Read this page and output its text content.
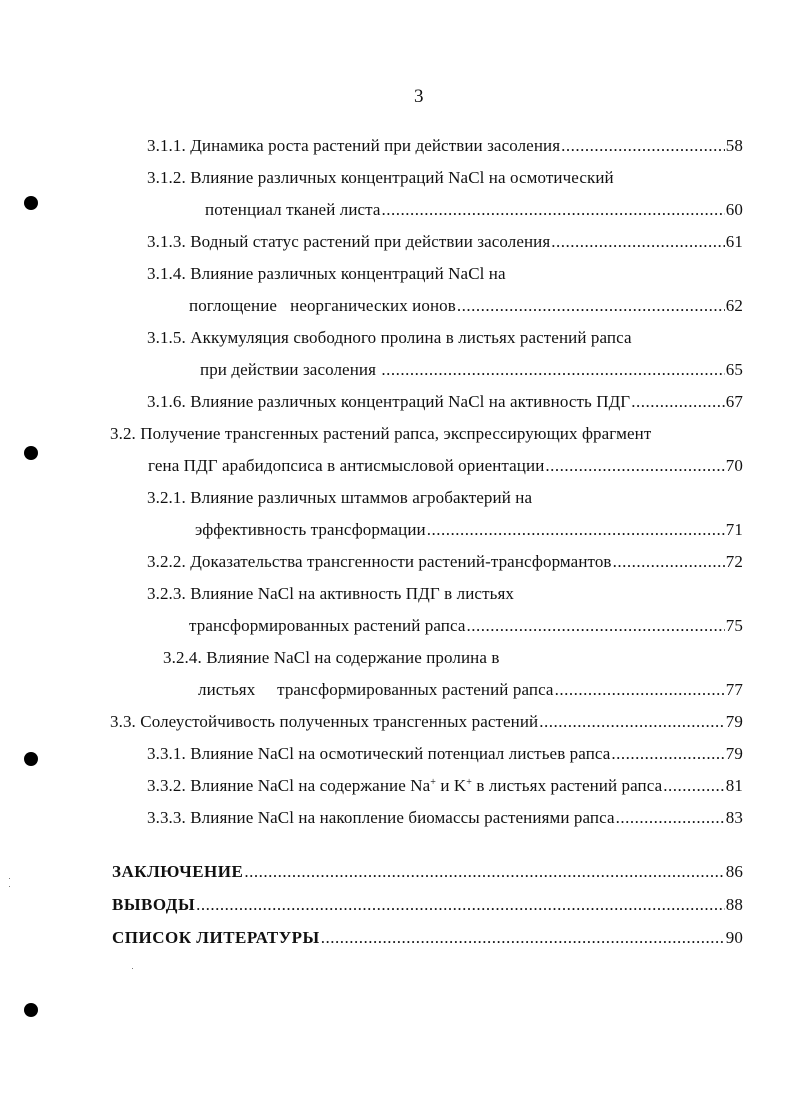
3
3.1.1. Динамика роста растений при действии засоления .....	58
3.1.2. Влияние различных концентраций NaCl на осмотический
потенциал тканей листа .....	60
3.1.3. Водный статус растений при действии засоления .....	61
3.1.4. Влияние различных концентраций NaCl на
поглощение   неорганических ионов .....	62
3.1.5. Аккумуляция свободного пролина в листьях растений рапса
при действии засоления .....	65
3.1.6. Влияние различных концентраций NaCl на активность ПДГ .....	67
3.2. Получение трансгенных растений рапса, экспрессирующих фрагмент
гена ПДГ арабидопсиса в антисмысловой ориентации .....	70
3.2.1. Влияние различных штаммов агробактерий на
эффективность трансформации .....	71
3.2.2. Доказательства трансгенности растений-трансформантов .....	72
3.2.3. Влияние NaCl на активность ПДГ в листьях
трансформированных растений рапса .....	75
3.2.4. Влияние NaCl на содержание пролина в
листьях     трансформированных растений рапса .....	77
3.3. Солеустойчивость полученных трансгенных растений .....	79
3.3.1. Влияние NaCl на осмотический потенциал листьев рапса .....	79
3.3.2. Влияние NaCl на содержание Na+ и K+ в листьях растений рапса .....	81
3.3.3. Влияние NaCl на накопление биомассы растениями рапса .....	83
ЗАКЛЮЧЕНИЕ .....	86
ВЫВОДЫ .....	88
СПИСОК ЛИТЕРАТУРЫ .....	90
